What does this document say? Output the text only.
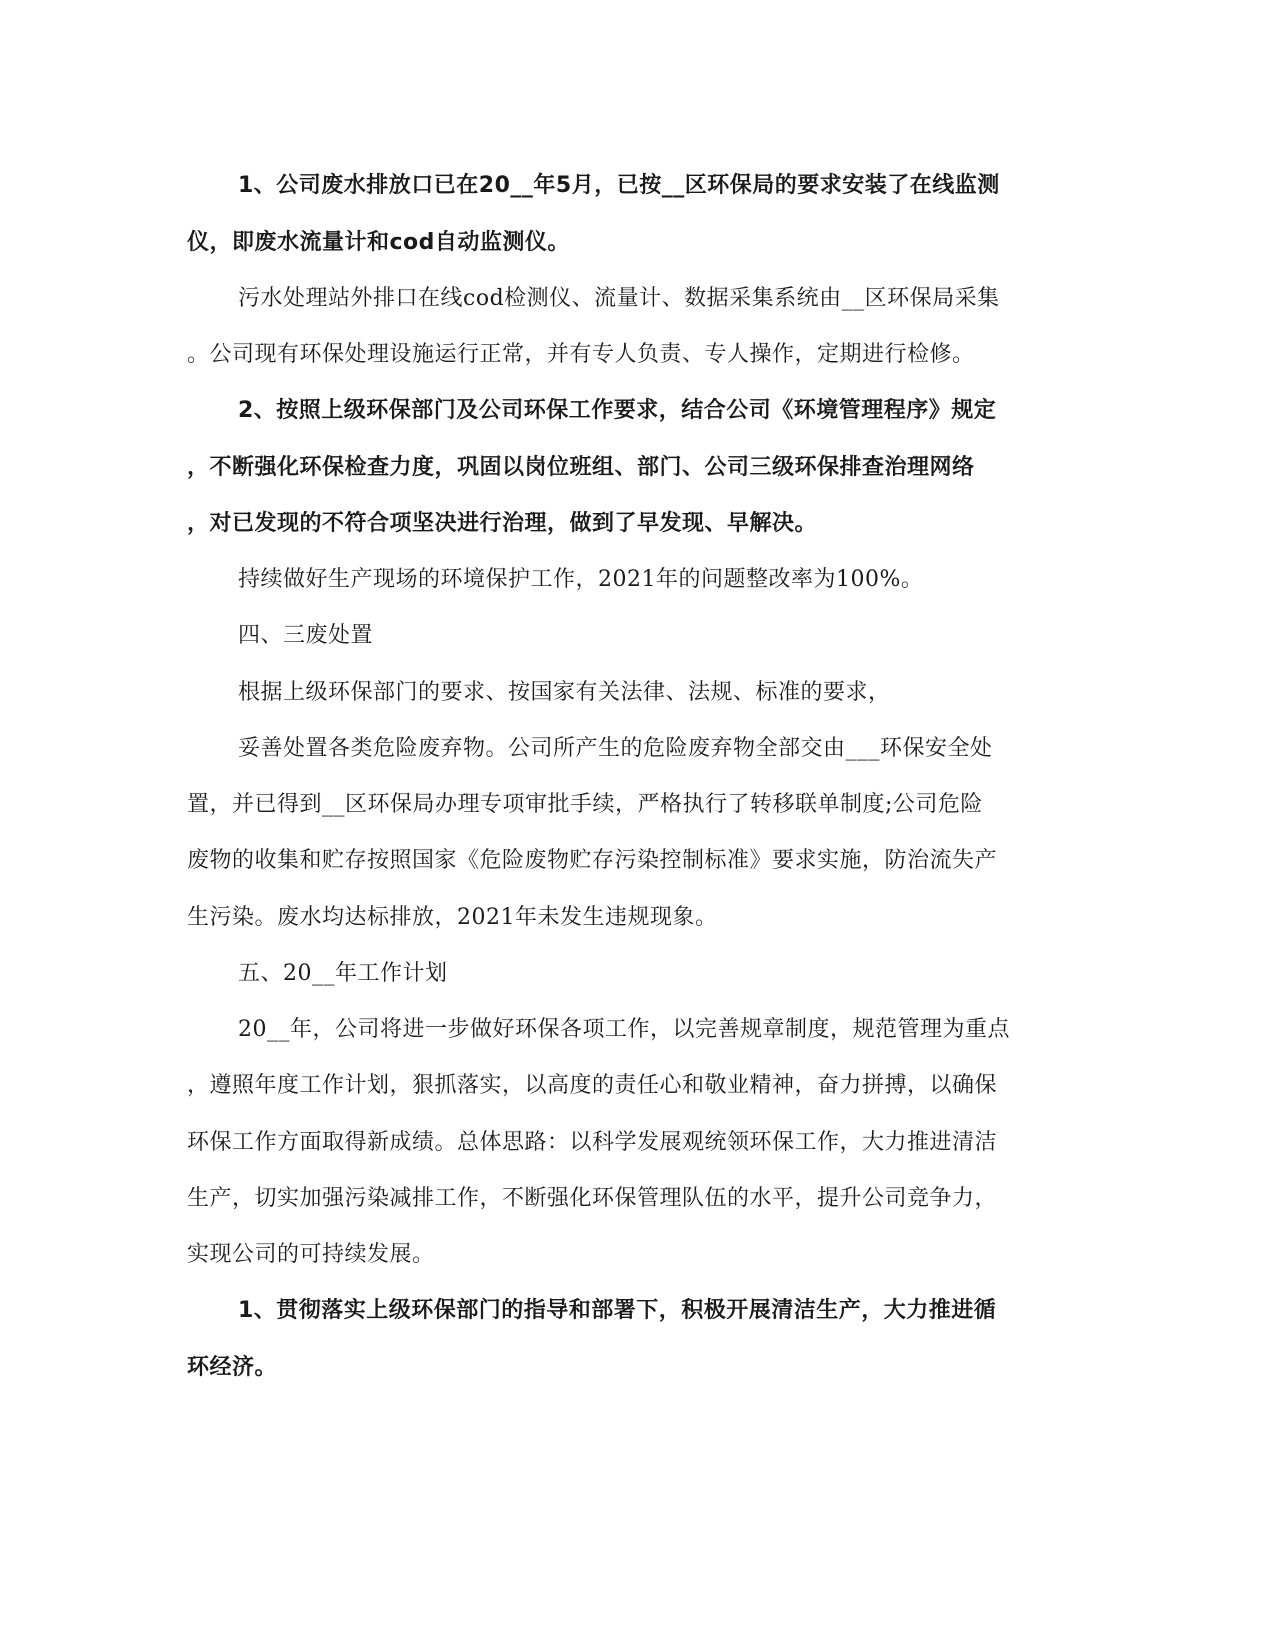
1、公司废水排放口已在20__年5月，已按__区环保局的要求安装了在线监测
仪，即废水流量计和cod自动监测仪。
污水处理站外排口在线cod检测仪、流量计、数据采集系统由__区环保局采集
。公司现有环保处理设施运行正常，并有专人负责、专人操作，定期进行检修。
2、按照上级环保部门及公司环保工作要求，结合公司《环境管理程序》规定
，不断强化环保检查力度，巩固以岗位班组、部门、公司三级环保排查治理网络
，对已发现的不符合项坚决进行治理，做到了早发现、早解决。
持续做好生产现场的环境保护工作，2021年的问题整改率为100%。
四、三废处置
根据上级环保部门的要求、按国家有关法律、法规、标准的要求，
妥善处置各类危险废弃物。公司所产生的危险废弃物全部交由___环保安全处
置，并已得到__区环保局办理专项审批手续，严格执行了转移联单制度;公司危险
废物的收集和贮存按照国家《危险废物贮存污染控制标准》要求实施，防治流失产
生污染。废水均达标排放，2021年未发生违规现象。
五、20__年工作计划
20__年，公司将进一步做好环保各项工作，以完善规章制度，规范管理为重点
，遵照年度工作计划，狠抓落实，以高度的责任心和敬业精神，奋力拼搏，以确保
环保工作方面取得新成绩。总体思路：以科学发展观统领环保工作，大力推进清洁
生产，切实加强污染减排工作，不断强化环保管理队伍的水平，提升公司竞争力，
实现公司的可持续发展。
1、贯彻落实上级环保部门的指导和部署下，积极开展清洁生产，大力推进循
环经济。
